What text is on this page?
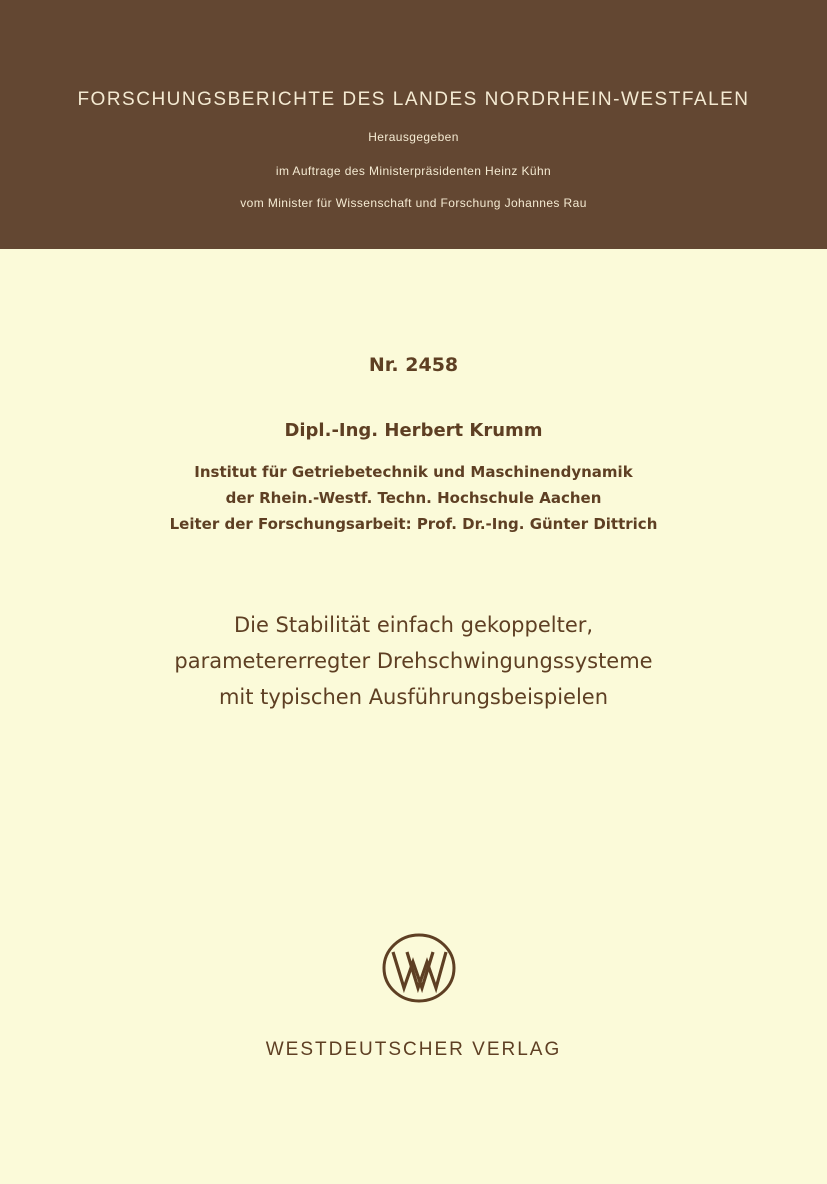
FORSCHUNGSBERICHTE DES LANDES NORDRHEIN-WESTFALEN
Herausgegeben
im Auftrage des Ministerpräsidenten Heinz Kühn
vom Minister für Wissenschaft und Forschung Johannes Rau
Nr. 2458
Dipl.-Ing. Herbert Krumm
Institut für Getriebetechnik und Maschinendynamik
der Rhein.-Westf. Techn. Hochschule Aachen
Leiter der Forschungsarbeit: Prof. Dr.-Ing. Günter Dittrich
Die Stabilität einfach gekoppelter,
parametererregter Drehschwingungssysteme
mit typischen Ausführungsbeispielen
WESTDEUTSCHER VERLAG
